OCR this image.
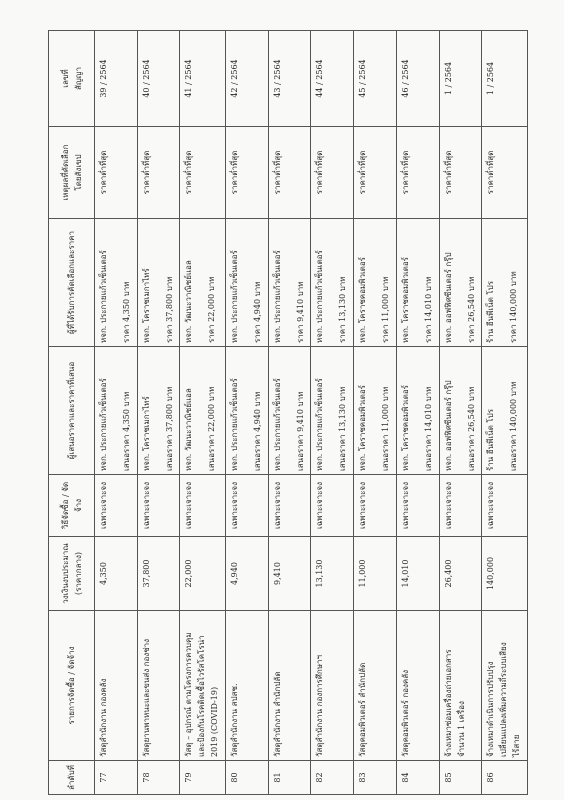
ลำดับที่	รายการจัดซื้อ / จัดจ้าง	วงเงินงบประมาณ (ราคากลาง)	วิธีจัดซื้อ / จัดจ้าง	ผู้เสนอราคาและราคาที่เสนอ	ผู้ที่ได้รับการคัดเลือกและราคา	เหตุผลที่คัดเลือก โดยสังเขป	เลขที่ สัญญา

77	วัสดุสำนักงาน กองคลัง	4,350	เฉพาะเจาะจง	หจก. ประกายแก้วเซ็นเตอร์ เสนอราคา 4,350 บาท	หจก. ประกายแก้วเซ็นเตอร์ ราคา 4,350 บาท	ราคาต่ำที่สุด	39 / 2564
78	วัสดุยานพาหนะและขนส่ง กองช่าง	37,800	เฉพาะเจาะจง	หจก. โคราชเมกาไทร์ เสนอราคา 37,800 บาท	หจก. โคราชเมกาไทร์ ราคา 37,800 บาท	ราคาต่ำที่สุด	40 / 2564
79	วัสดุ – อุปกรณ์ ตามโครงการควบคุม และป้องกันโรคติดเชื้อไวรัสโคโรน่า 2019 (COVID-19)	22,000	เฉพาะเจาะจง	หจก. วัฒนะวาณิชย์แอล เสนอราคา 22,000 บาท	หจก. วัฒนะวาณิชย์แอล ราคา 22,000 บาท	ราคาต่ำที่สุด	41 / 2564
80	วัสดุสำนักงาน สปสช.	4,940	เฉพาะเจาะจง	หจก. ประกายแก้วเซ็นเตอร์ เสนอราคา 4,940 บาท	หจก. ประกายแก้วเซ็นเตอร์ ราคา 4,940 บาท	ราคาต่ำที่สุด	42 / 2564
81	วัสดุสำนักงาน สำนักปลัด	9,410	เฉพาะเจาะจง	หจก. ประกายแก้วเซ็นเตอร์ เสนอราคา 9,410 บาท	หจก. ประกายแก้วเซ็นเตอร์ ราคา 9,410 บาท	ราคาต่ำที่สุด	43 / 2564
82	วัสดุสำนักงาน กองการศึกษาฯ	13,130	เฉพาะเจาะจง	หจก. ประกายแก้วเซ็นเตอร์ เสนอราคา 13,130 บาท	หจก. ประกายแก้วเซ็นเตอร์ ราคา 13,130 บาท	ราคาต่ำที่สุด	44 / 2564
83	วัสดุคอมพิวเตอร์ สำนักปลัด	11,000	เฉพาะเจาะจง	หจก. โคราชคอมพิวเตอร์ เสนอราคา 11,000 บาท	หจก. โคราชคอมพิวเตอร์ ราคา 11,000 บาท	ราคาต่ำที่สุด	45 / 2564
84	วัสดุคอมพิวเตอร์ กองคลัง	14,010	เฉพาะเจาะจง	หจก. โคราชคอมพิวเตอร์ เสนอราคา 14,010 บาท	หจก. โคราชคอมพิวเตอร์ ราคา 14,010 บาท	ราคาต่ำที่สุด	46 / 2564
85	จ้างเหมาซ่อมเครื่องถ่ายเอกสาร จำนวน 1 เครื่อง	26,400	เฉพาะเจาะจง	หจก. ออฟฟิศซีนเตอร์ กรุ๊ป เสนอราคา 26,540 บาท	หจก. ออฟฟิศซีนเตอร์ กรุ๊ป ราคา 26,540 บาท	ราคาต่ำที่สุด	1 / 2564
86	จ้างเหมาดำเนินการปรับปรุง เปลี่ยนแปลงเพิ่มความถี่ระบบเสียง ไร้สาย	140,000	เฉพาะเจาะจง	ร้าน ฮีนพีเน็ต โปร เสนอราคา 140,000 บาท	ร้าน ฮีนพีเน็ต โปร ราคา 140,000 บาท	ราคาต่ำที่สุด	1 / 2564
